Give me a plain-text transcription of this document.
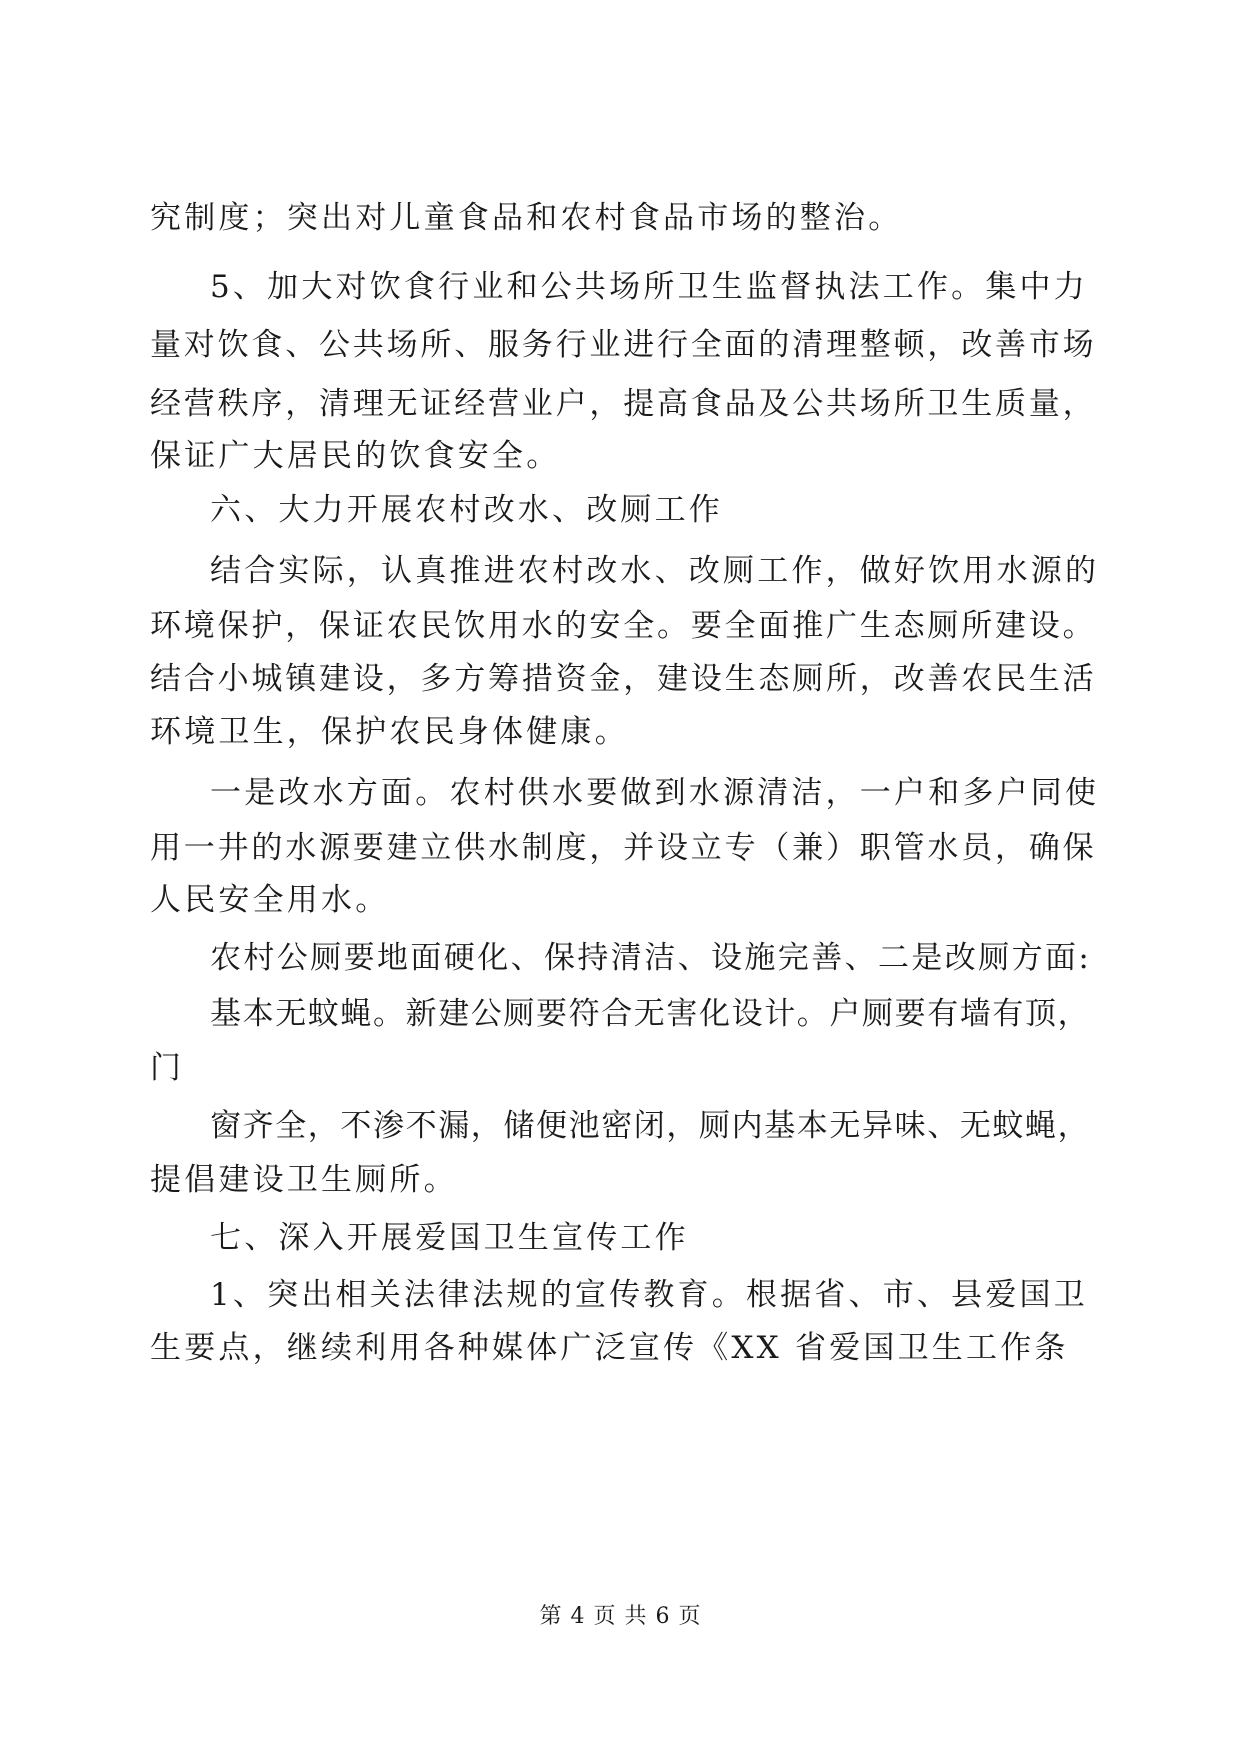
究制度；突出对儿童食品和农村食品市场的整治。
5、加大对饮食行业和公共场所卫生监督执法工作。集中力
量对饮食、公共场所、服务行业进行全面的清理整顿，改善市场
经营秩序，清理无证经营业户，提高食品及公共场所卫生质量，
保证广大居民的饮食安全。
六、大力开展农村改水、改厕工作
结合实际，认真推进农村改水、改厕工作，做好饮用水源的
环境保护，保证农民饮用水的安全。要全面推广生态厕所建设。
结合小城镇建设，多方筹措资金，建设生态厕所，改善农民生活
环境卫生，保护农民身体健康。
一是改水方面。农村供水要做到水源清洁，一户和多户同使
用一井的水源要建立供水制度，并设立专（兼）职管水员，确保
人民安全用水。
农村公厕要地面硬化、保持清洁、设施完善、二是改厕方面:
基本无蚊蝇。新建公厕要符合无害化设计。户厕要有墙有顶，
门
窗齐全，不渗不漏，储便池密闭，厕内基本无异味、无蚊蝇，
提倡建设卫生厕所。
七、深入开展爱国卫生宣传工作
1、突出相关法律法规的宣传教育。根据省、市、县爱国卫
生要点，继续利用各种媒体广泛宣传《XX 省爱国卫生工作条
第 4 页 共 6 页
